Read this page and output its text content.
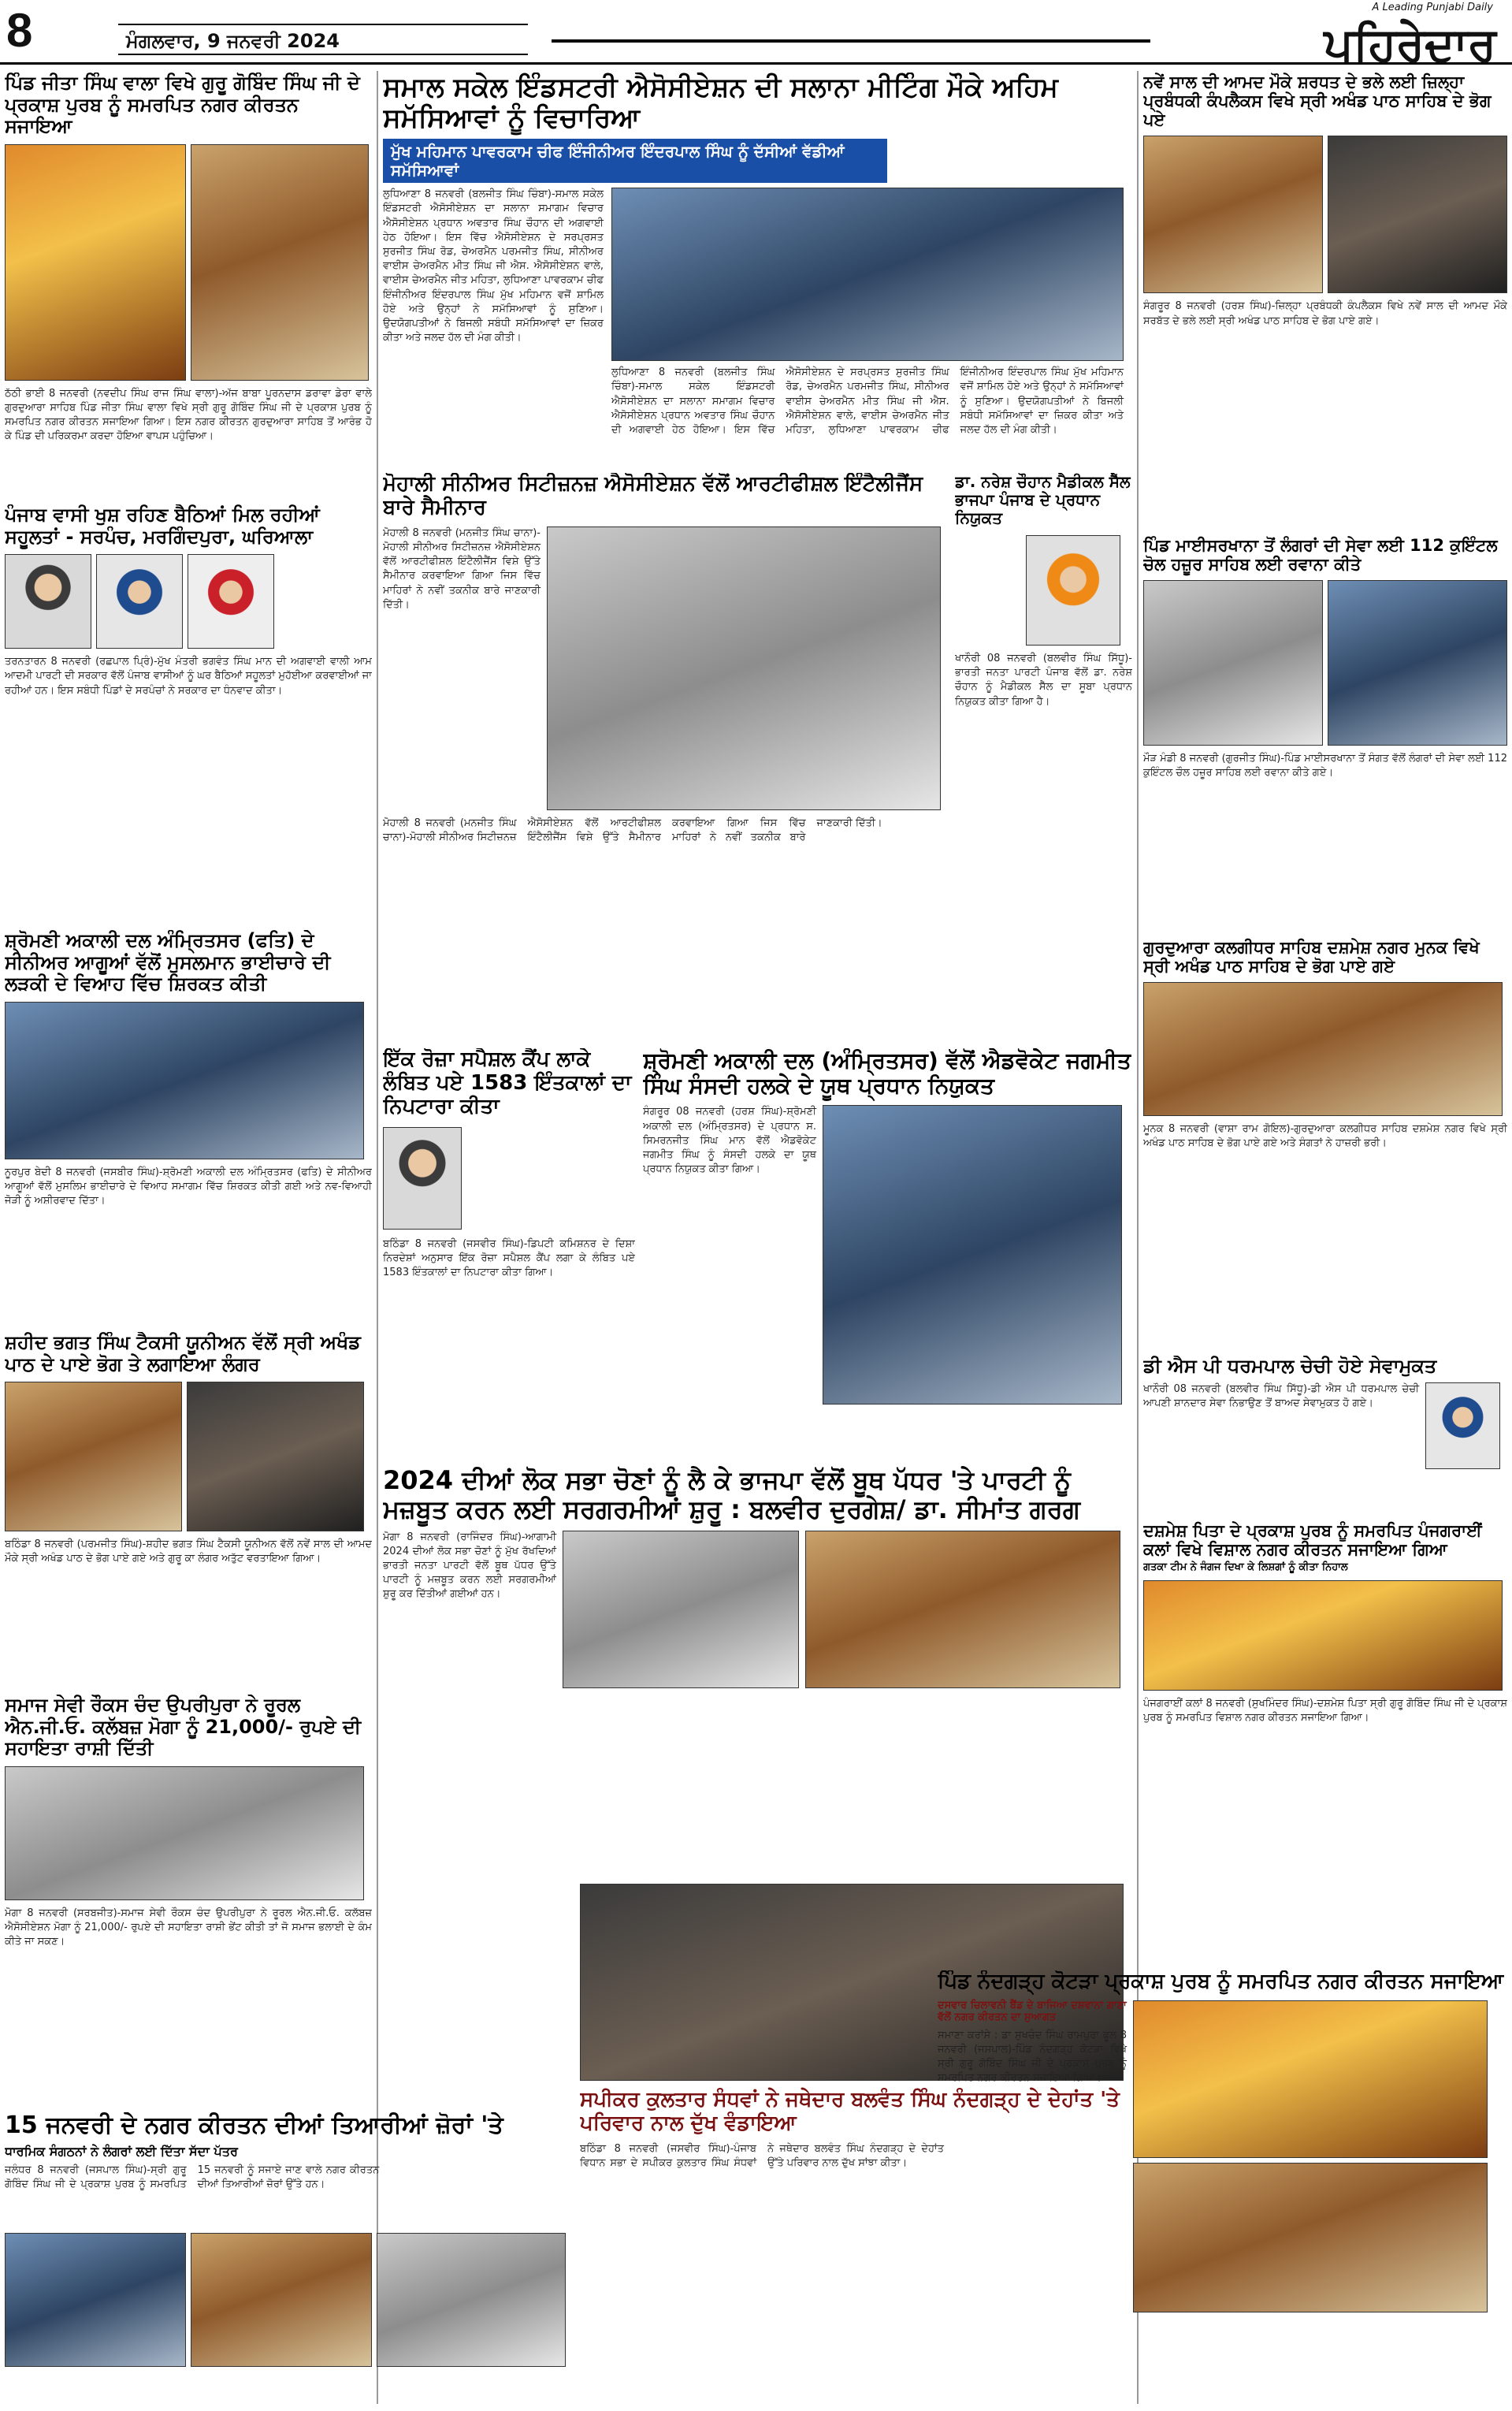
8	ਮੰਗਲਵਾਰ, 9 ਜਨਵਰੀ 2024
A Leading Punjabi Daily
ਪਹਿਰੇਦਾਰ
ਪਿੰਡ ਜੀਤਾ ਸਿੰਘ ਵਾਲਾ ਵਿਖੇ ਗੁਰੂ ਗੋਬਿੰਦ ਸਿੰਘ ਜੀ ਦੇ ਪ੍ਰਕਾਸ਼ ਪੁਰਬ ਨੂੰ ਸਮਰਪਿਤ ਨਗਰ ਕੀਰਤਨ ਸਜਾਇਆ
ਠੱਠੀ ਭਾਈ 8 ਜਨਵਰੀ (ਨਵਦੀਪ ਸਿੰਘ ਰਾਜ ਸਿੰਘ ਵਾਲਾ)-ਅੱਜ ਬਾਬਾ ਪੂਰਨਦਾਸ ਡਰਾਵਾ ਡੇਰਾ ਵਾਲੇ ਗੁਰਦੁਆਰਾ ਸਾਹਿਬ ਪਿੰਡ ਜੀਤਾ ਸਿੰਘ ਵਾਲਾ ਵਿਖੇ ਸ੍ਰੀ ਗੁਰੂ ਗੋਬਿੰਦ ਸਿੰਘ ਜੀ ਦੇ ਪ੍ਰਕਾਸ਼ ਪੁਰਬ ਨੂੰ ਸਮਰਪਿਤ ਨਗਰ ਕੀਰਤਨ ਸਜਾਇਆ ਗਿਆ। ਇਸ ਨਗਰ ਕੀਰਤਨ ਗੁਰਦੁਆਰਾ ਸਾਹਿਬ ਤੋਂ ਆਰੰਭ ਹੋ ਕੇ ਪਿੰਡ ਦੀ ਪਰਿਕਰਮਾ ਕਰਦਾ ਹੋਇਆ ਵਾਪਸ ਪਹੁੰਚਿਆ।
ਪੰਜਾਬ ਵਾਸੀ ਖੁਸ਼ ਰਹਿਣ ਬੈਠਿਆਂ ਮਿਲ ਰਹੀਆਂ ਸਹੂਲਤਾਂ - ਸਰਪੰਚ, ਮਰਗਿੰਦਪੁਰਾ, ਘਰਿਆਲਾ
ਤਰਨਤਾਰਨ 8 ਜਨਵਰੀ (ਰਛਪਾਲ ਪ੍ਰਿੰ)-ਮੁੱਖ ਮੰਤਰੀ ਭਗਵੰਤ ਸਿੰਘ ਮਾਨ ਦੀ ਅਗਵਾਈ ਵਾਲੀ ਆਮ ਆਦਮੀ ਪਾਰਟੀ ਦੀ ਸਰਕਾਰ ਵੱਲੋਂ ਪੰਜਾਬ ਵਾਸੀਆਂ ਨੂੰ ਘਰ ਬੈਠਿਆਂ ਸਹੂਲਤਾਂ ਮੁਹੱਈਆ ਕਰਵਾਈਆਂ ਜਾ ਰਹੀਆਂ ਹਨ। ਇਸ ਸਬੰਧੀ ਪਿੰਡਾਂ ਦੇ ਸਰਪੰਚਾਂ ਨੇ ਸਰਕਾਰ ਦਾ ਧੰਨਵਾਦ ਕੀਤਾ।
ਸ਼੍ਰੋਮਣੀ ਅਕਾਲੀ ਦਲ ਅੰਮ੍ਰਿਤਸਰ (ਫਤਿ) ਦੇ ਸੀਨੀਅਰ ਆਗੂਆਂ ਵੱਲੋਂ ਮੁਸਲਮਾਨ ਭਾਈਚਾਰੇ ਦੀ ਲੜਕੀ ਦੇ ਵਿਆਹ ਵਿੱਚ ਸ਼ਿਰਕਤ ਕੀਤੀ
ਨੂਰਪੁਰ ਬੇਦੀ 8 ਜਨਵਰੀ (ਜਸਬੀਰ ਸਿੰਘ)-ਸ਼੍ਰੋਮਣੀ ਅਕਾਲੀ ਦਲ ਅੰਮ੍ਰਿਤਸਰ (ਫਤਿ) ਦੇ ਸੀਨੀਅਰ ਆਗੂਆਂ ਵੱਲੋਂ ਮੁਸਲਿਮ ਭਾਈਚਾਰੇ ਦੇ ਵਿਆਹ ਸਮਾਗਮ ਵਿੱਚ ਸ਼ਿਰਕਤ ਕੀਤੀ ਗਈ ਅਤੇ ਨਵ-ਵਿਆਹੀ ਜੋੜੀ ਨੂੰ ਅਸ਼ੀਰਵਾਦ ਦਿੱਤਾ।
ਸ਼ਹੀਦ ਭਗਤ ਸਿੰਘ ਟੈਕਸੀ ਯੂਨੀਅਨ ਵੱਲੋਂ ਸ੍ਰੀ ਅਖੰਡ ਪਾਠ ਦੇ ਪਾਏ ਭੋਗ ਤੇ ਲਗਾਇਆ ਲੰਗਰ
ਬਠਿੰਡਾ 8 ਜਨਵਰੀ (ਪਰਮਜੀਤ ਸਿੰਘ)-ਸ਼ਹੀਦ ਭਗਤ ਸਿੰਘ ਟੈਕਸੀ ਯੂਨੀਅਨ ਵੱਲੋਂ ਨਵੇਂ ਸਾਲ ਦੀ ਆਮਦ ਮੌਕੇ ਸ੍ਰੀ ਅਖੰਡ ਪਾਠ ਦੇ ਭੋਗ ਪਾਏ ਗਏ ਅਤੇ ਗੁਰੂ ਕਾ ਲੰਗਰ ਅਤੁੱਟ ਵਰਤਾਇਆ ਗਿਆ।
ਸਮਾਜ ਸੇਵੀ ਰੌਕਸ ਚੰਦ ਉਪਰੀਪੁਰਾ ਨੇ ਰੂਰਲ ਐਨ.ਜੀ.ਓ. ਕਲੱਬਜ਼ ਮੋਗਾ ਨੂੰ 21,000/- ਰੁਪਏ ਦੀ ਸਹਾਇਤਾ ਰਾਸ਼ੀ ਦਿੱਤੀ
ਮੋਗਾ 8 ਜਨਵਰੀ (ਸਰਬਜੀਤ)-ਸਮਾਜ ਸੇਵੀ ਰੌਕਸ ਚੰਦ ਉਪਰੀਪੁਰਾ ਨੇ ਰੂਰਲ ਐਨ.ਜੀ.ਓ. ਕਲੱਬਜ਼ ਐਸੋਸੀਏਸ਼ਨ ਮੋਗਾ ਨੂੰ 21,000/- ਰੁਪਏ ਦੀ ਸਹਾਇਤਾ ਰਾਸ਼ੀ ਭੇਂਟ ਕੀਤੀ ਤਾਂ ਜੋ ਸਮਾਜ ਭਲਾਈ ਦੇ ਕੰਮ ਕੀਤੇ ਜਾ ਸਕਣ।
15 ਜਨਵਰੀ ਦੇ ਨਗਰ ਕੀਰਤਨ ਦੀਆਂ ਤਿਆਰੀਆਂ ਜ਼ੋਰਾਂ 'ਤੇ
ਧਾਰਮਿਕ ਸੰਗਠਨਾਂ ਨੇ ਲੰਗਰਾਂ ਲਈ ਦਿੱਤਾ ਸੱਦਾ ਪੱਤਰ
ਜਲੰਧਰ 8 ਜਨਵਰੀ (ਜਸਪਾਲ ਸਿੰਘ)-ਸ੍ਰੀ ਗੁਰੂ ਗੋਬਿੰਦ ਸਿੰਘ ਜੀ ਦੇ ਪ੍ਰਕਾਸ਼ ਪੁਰਬ ਨੂੰ ਸਮਰਪਿਤ 15 ਜਨਵਰੀ ਨੂੰ ਸਜਾਏ ਜਾਣ ਵਾਲੇ ਨਗਰ ਕੀਰਤਨ ਦੀਆਂ ਤਿਆਰੀਆਂ ਜ਼ੋਰਾਂ ਉੱਤੇ ਹਨ।
ਸਮਾਲ ਸਕੇਲ ਇੰਡਸਟਰੀ ਐਸੋਸੀਏਸ਼ਨ ਦੀ ਸਲਾਨਾ ਮੀਟਿੰਗ ਮੌਕੇ ਅਹਿਮ ਸਮੱਸਿਆਵਾਂ ਨੂੰ ਵਿਚਾਰਿਆ
ਮੁੱਖ ਮਹਿਮਾਨ ਪਾਵਰਕਾਮ ਚੀਫ ਇੰਜੀਨੀਅਰ ਇੰਦਰਪਾਲ ਸਿੰਘ ਨੂੰ ਦੱਸੀਆਂ ਵੱਡੀਆਂ ਸਮੱਸਿਆਵਾਂ
ਲੁਧਿਆਣਾ 8 ਜਨਵਰੀ (ਬਲਜੀਤ ਸਿੰਘ ਚਿੰਬਾ)-ਸਮਾਲ ਸਕੇਲ ਇੰਡਸਟਰੀ ਐਸੋਸੀਏਸ਼ਨ ਦਾ ਸਲਾਨਾ ਸਮਾਗਮ ਵਿਚਾਰ ਐਸੋਸੀਏਸ਼ਨ ਪ੍ਰਧਾਨ ਅਵਤਾਰ ਸਿੰਘ ਚੌਹਾਨ ਦੀ ਅਗਵਾਈ ਹੇਠ ਹੋਇਆ। ਇਸ ਵਿੱਚ ਐਸੋਸੀਏਸ਼ਨ ਦੇ ਸਰਪ੍ਰਸਤ ਸੁਰਜੀਤ ਸਿੰਘ ਰੋਡ, ਚੇਅਰਮੈਨ ਪਰਮਜੀਤ ਸਿੰਘ, ਸੀਨੀਅਰ ਵਾਈਸ ਚੇਅਰਮੈਨ ਮੀਤ ਸਿੰਘ ਜੀ ਐਸ. ਐਸੋਸੀਏਸ਼ਨ ਵਾਲੇ, ਵਾਈਸ ਚੇਅਰਮੈਨ ਜੀਤ ਮਹਿਤਾ, ਲੁਧਿਆਣਾ ਪਾਵਰਕਾਮ ਚੀਫ ਇੰਜੀਨੀਅਰ ਇੰਦਰਪਾਲ ਸਿੰਘ ਮੁੱਖ ਮਹਿਮਾਨ ਵਜੋਂ ਸ਼ਾਮਿਲ ਹੋਏ ਅਤੇ ਉਨ੍ਹਾਂ ਨੇ ਸਮੱਸਿਆਵਾਂ ਨੂੰ ਸੁਣਿਆ। ਉਦਯੋਗਪਤੀਆਂ ਨੇ ਬਿਜਲੀ ਸਬੰਧੀ ਸਮੱਸਿਆਵਾਂ ਦਾ ਜ਼ਿਕਰ ਕੀਤਾ ਅਤੇ ਜਲਦ ਹੱਲ ਦੀ ਮੰਗ ਕੀਤੀ।
ਲੁਧਿਆਣਾ 8 ਜਨਵਰੀ (ਬਲਜੀਤ ਸਿੰਘ ਚਿੰਬਾ)-ਸਮਾਲ ਸਕੇਲ ਇੰਡਸਟਰੀ ਐਸੋਸੀਏਸ਼ਨ ਦਾ ਸਲਾਨਾ ਸਮਾਗਮ ਵਿਚਾਰ ਐਸੋਸੀਏਸ਼ਨ ਪ੍ਰਧਾਨ ਅਵਤਾਰ ਸਿੰਘ ਚੌਹਾਨ ਦੀ ਅਗਵਾਈ ਹੇਠ ਹੋਇਆ। ਇਸ ਵਿੱਚ ਐਸੋਸੀਏਸ਼ਨ ਦੇ ਸਰਪ੍ਰਸਤ ਸੁਰਜੀਤ ਸਿੰਘ ਰੋਡ, ਚੇਅਰਮੈਨ ਪਰਮਜੀਤ ਸਿੰਘ, ਸੀਨੀਅਰ ਵਾਈਸ ਚੇਅਰਮੈਨ ਮੀਤ ਸਿੰਘ ਜੀ ਐਸ. ਐਸੋਸੀਏਸ਼ਨ ਵਾਲੇ, ਵਾਈਸ ਚੇਅਰਮੈਨ ਜੀਤ ਮਹਿਤਾ, ਲੁਧਿਆਣਾ ਪਾਵਰਕਾਮ ਚੀਫ ਇੰਜੀਨੀਅਰ ਇੰਦਰਪਾਲ ਸਿੰਘ ਮੁੱਖ ਮਹਿਮਾਨ ਵਜੋਂ ਸ਼ਾਮਿਲ ਹੋਏ ਅਤੇ ਉਨ੍ਹਾਂ ਨੇ ਸਮੱਸਿਆਵਾਂ ਨੂੰ ਸੁਣਿਆ। ਉਦਯੋਗਪਤੀਆਂ ਨੇ ਬਿਜਲੀ ਸਬੰਧੀ ਸਮੱਸਿਆਵਾਂ ਦਾ ਜ਼ਿਕਰ ਕੀਤਾ ਅਤੇ ਜਲਦ ਹੱਲ ਦੀ ਮੰਗ ਕੀਤੀ।
ਮੋਹਾਲੀ ਸੀਨੀਅਰ ਸਿਟੀਜ਼ਨਜ਼ ਐਸੋਸੀਏਸ਼ਨ ਵੱਲੋਂ ਆਰਟੀਫੀਸ਼ਲ ਇੰਟੈਲੀਜੈਂਸ ਬਾਰੇ ਸੈਮੀਨਾਰ
ਮੋਹਾਲੀ 8 ਜਨਵਰੀ (ਮਨਜੀਤ ਸਿੰਘ ਚਾਨਾ)-ਮੋਹਾਲੀ ਸੀਨੀਅਰ ਸਿਟੀਜ਼ਨਜ਼ ਐਸੋਸੀਏਸ਼ਨ ਵੱਲੋਂ ਆਰਟੀਫੀਸ਼ਲ ਇੰਟੈਲੀਜੈਂਸ ਵਿਸ਼ੇ ਉੱਤੇ ਸੈਮੀਨਾਰ ਕਰਵਾਇਆ ਗਿਆ ਜਿਸ ਵਿੱਚ ਮਾਹਿਰਾਂ ਨੇ ਨਵੀਂ ਤਕਨੀਕ ਬਾਰੇ ਜਾਣਕਾਰੀ ਦਿੱਤੀ।
ਮੋਹਾਲੀ 8 ਜਨਵਰੀ (ਮਨਜੀਤ ਸਿੰਘ ਚਾਨਾ)-ਮੋਹਾਲੀ ਸੀਨੀਅਰ ਸਿਟੀਜ਼ਨਜ਼ ਐਸੋਸੀਏਸ਼ਨ ਵੱਲੋਂ ਆਰਟੀਫੀਸ਼ਲ ਇੰਟੈਲੀਜੈਂਸ ਵਿਸ਼ੇ ਉੱਤੇ ਸੈਮੀਨਾਰ ਕਰਵਾਇਆ ਗਿਆ ਜਿਸ ਵਿੱਚ ਮਾਹਿਰਾਂ ਨੇ ਨਵੀਂ ਤਕਨੀਕ ਬਾਰੇ ਜਾਣਕਾਰੀ ਦਿੱਤੀ।
ਡਾ. ਨਰੇਸ਼ ਚੌਹਾਨ ਮੈਡੀਕਲ ਸੈੱਲ ਭਾਜਪਾ ਪੰਜਾਬ ਦੇ ਪ੍ਰਧਾਨ ਨਿਯੁਕਤ
ਖਾਨੌਰੀ 08 ਜਨਵਰੀ (ਬਲਵੀਰ ਸਿੰਘ ਸਿੱਧੂ)-ਭਾਰਤੀ ਜਨਤਾ ਪਾਰਟੀ ਪੰਜਾਬ ਵੱਲੋਂ ਡਾ. ਨਰੇਸ਼ ਚੌਹਾਨ ਨੂੰ ਮੈਡੀਕਲ ਸੈੱਲ ਦਾ ਸੂਬਾ ਪ੍ਰਧਾਨ ਨਿਯੁਕਤ ਕੀਤਾ ਗਿਆ ਹੈ।
ਇੱਕ ਰੋਜ਼ਾ ਸਪੈਸ਼ਲ ਕੈਂਪ ਲਾਕੇ ਲੰਬਿਤ ਪਏ 1583 ਇੰਤਕਾਲਾਂ ਦਾ ਨਿਪਟਾਰਾ ਕੀਤਾ
ਬਠਿੰਡਾ 8 ਜਨਵਰੀ (ਜਸਵੀਰ ਸਿੰਘ)-ਡਿਪਟੀ ਕਮਿਸ਼ਨਰ ਦੇ ਦਿਸ਼ਾ ਨਿਰਦੇਸ਼ਾਂ ਅਨੁਸਾਰ ਇੱਕ ਰੋਜ਼ਾ ਸਪੈਸ਼ਲ ਕੈਂਪ ਲਗਾ ਕੇ ਲੰਬਿਤ ਪਏ 1583 ਇੰਤਕਾਲਾਂ ਦਾ ਨਿਪਟਾਰਾ ਕੀਤਾ ਗਿਆ।
ਸ਼੍ਰੋਮਣੀ ਅਕਾਲੀ ਦਲ (ਅੰਮ੍ਰਿਤਸਰ) ਵੱਲੋਂ ਐਡਵੋਕੇਟ ਜਗਮੀਤ ਸਿੰਘ ਸੰਸਦੀ ਹਲਕੇ ਦੇ ਯੂਥ ਪ੍ਰਧਾਨ ਨਿਯੁਕਤ
ਸੰਗਰੂਰ 08 ਜਨਵਰੀ (ਹਰਸ਼ ਸਿੰਘ)-ਸ਼੍ਰੋਮਣੀ ਅਕਾਲੀ ਦਲ (ਅੰਮ੍ਰਿਤਸਰ) ਦੇ ਪ੍ਰਧਾਨ ਸ. ਸਿਮਰਨਜੀਤ ਸਿੰਘ ਮਾਨ ਵੱਲੋਂ ਐਡਵੋਕੇਟ ਜਗਮੀਤ ਸਿੰਘ ਨੂੰ ਸੰਸਦੀ ਹਲਕੇ ਦਾ ਯੂਥ ਪ੍ਰਧਾਨ ਨਿਯੁਕਤ ਕੀਤਾ ਗਿਆ।
2024 ਦੀਆਂ ਲੋਕ ਸਭਾ ਚੋਣਾਂ ਨੂੰ ਲੈ ਕੇ ਭਾਜਪਾ ਵੱਲੋਂ ਬੂਥ ਪੱਧਰ 'ਤੇ ਪਾਰਟੀ ਨੂੰ ਮਜ਼ਬੂਤ ਕਰਨ ਲਈ ਸਰਗਰਮੀਆਂ ਸ਼ੁਰੂ : ਬਲਵੀਰ ਦੁਰਗੇਸ਼/ ਡਾ. ਸੀਮਾਂਤ ਗਰਗ
ਮੋਗਾ 8 ਜਨਵਰੀ (ਰਾਜਿੰਦਰ ਸਿੰਘ)-ਆਗਾਮੀ 2024 ਦੀਆਂ ਲੋਕ ਸਭਾ ਚੋਣਾਂ ਨੂੰ ਮੁੱਖ ਰੱਖਦਿਆਂ ਭਾਰਤੀ ਜਨਤਾ ਪਾਰਟੀ ਵੱਲੋਂ ਬੂਥ ਪੱਧਰ ਉੱਤੇ ਪਾਰਟੀ ਨੂੰ ਮਜ਼ਬੂਤ ਕਰਨ ਲਈ ਸਰਗਰਮੀਆਂ ਸ਼ੁਰੂ ਕਰ ਦਿੱਤੀਆਂ ਗਈਆਂ ਹਨ।
ਸਪੀਕਰ ਕੁਲਤਾਰ ਸੰਧਵਾਂ ਨੇ ਜਥੇਦਾਰ ਬਲਵੰਤ ਸਿੰਘ ਨੰਦਗੜ੍ਹ ਦੇ ਦੇਹਾਂਤ 'ਤੇ ਪਰਿਵਾਰ ਨਾਲ ਦੁੱਖ ਵੰਡਾਇਆ
ਬਠਿੰਡਾ 8 ਜਨਵਰੀ (ਜਸਵੀਰ ਸਿੰਘ)-ਪੰਜਾਬ ਵਿਧਾਨ ਸਭਾ ਦੇ ਸਪੀਕਰ ਕੁਲਤਾਰ ਸਿੰਘ ਸੰਧਵਾਂ ਨੇ ਜਥੇਦਾਰ ਬਲਵੰਤ ਸਿੰਘ ਨੰਦਗੜ੍ਹ ਦੇ ਦੇਹਾਂਤ ਉੱਤੇ ਪਰਿਵਾਰ ਨਾਲ ਦੁੱਖ ਸਾਂਝਾ ਕੀਤਾ।
ਨਵੇਂ ਸਾਲ ਦੀ ਆਮਦ ਮੌਕੇ ਸ਼ਰਧਤ ਦੇ ਭਲੇ ਲਈ ਜ਼ਿਲ੍ਹਾ ਪ੍ਰਬੰਧਕੀ ਕੰਪਲੈਕਸ ਵਿਖੇ ਸ੍ਰੀ ਅਖੰਡ ਪਾਠ ਸਾਹਿਬ ਦੇ ਭੋਗ ਪਏ
ਸੰਗਰੂਰ 8 ਜਨਵਰੀ (ਹਰਸ਼ ਸਿੰਘ)-ਜ਼ਿਲ੍ਹਾ ਪ੍ਰਬੰਧਕੀ ਕੰਪਲੈਕਸ ਵਿਖੇ ਨਵੇਂ ਸਾਲ ਦੀ ਆਮਦ ਮੌਕੇ ਸਰਬੱਤ ਦੇ ਭਲੇ ਲਈ ਸ੍ਰੀ ਅਖੰਡ ਪਾਠ ਸਾਹਿਬ ਦੇ ਭੋਗ ਪਾਏ ਗਏ।
ਪਿੰਡ ਮਾਈਸਰਖਾਨਾ ਤੋਂ ਲੰਗਰਾਂ ਦੀ ਸੇਵਾ ਲਈ 112 ਕੁਇੰਟਲ ਚੋਲ ਹਜ਼ੂਰ ਸਾਹਿਬ ਲਈ ਰਵਾਨਾ ਕੀਤੇ
ਮੌੜ ਮੰਡੀ 8 ਜਨਵਰੀ (ਗੁਰਜੀਤ ਸਿੰਘ)-ਪਿੰਡ ਮਾਈਸਰਖਾਨਾ ਤੋਂ ਸੰਗਤ ਵੱਲੋਂ ਲੰਗਰਾਂ ਦੀ ਸੇਵਾ ਲਈ 112 ਕੁਇੰਟਲ ਚੌਲ ਹਜ਼ੂਰ ਸਾਹਿਬ ਲਈ ਰਵਾਨਾ ਕੀਤੇ ਗਏ।
ਗੁਰਦੁਆਰਾ ਕਲਗੀਧਰ ਸਾਹਿਬ ਦਸ਼ਮੇਸ਼ ਨਗਰ ਮੁਨਕ ਵਿਖੇ ਸ੍ਰੀ ਅਖੰਡ ਪਾਠ ਸਾਹਿਬ ਦੇ ਭੋਗ ਪਾਏ ਗਏ
ਮੂਨਕ 8 ਜਨਵਰੀ (ਵਾਸ਼ਾ ਰਾਮ ਗੋਇਲ)-ਗੁਰਦੁਆਰਾ ਕਲਗੀਧਰ ਸਾਹਿਬ ਦਸ਼ਮੇਸ਼ ਨਗਰ ਵਿਖੇ ਸ੍ਰੀ ਅਖੰਡ ਪਾਠ ਸਾਹਿਬ ਦੇ ਭੋਗ ਪਾਏ ਗਏ ਅਤੇ ਸੰਗਤਾਂ ਨੇ ਹਾਜ਼ਰੀ ਭਰੀ।
ਡੀ ਐਸ ਪੀ ਧਰਮਪਾਲ ਚੇਚੀ ਹੋਏ ਸੇਵਾਮੁਕਤ
ਖਾਨੌਰੀ 08 ਜਨਵਰੀ (ਬਲਵੀਰ ਸਿੰਘ ਸਿੱਧੂ)-ਡੀ ਐਸ ਪੀ ਧਰਮਪਾਲ ਚੇਚੀ ਆਪਣੀ ਸ਼ਾਨਦਾਰ ਸੇਵਾ ਨਿਭਾਉਣ ਤੋਂ ਬਾਅਦ ਸੇਵਾਮੁਕਤ ਹੋ ਗਏ।
ਦਸ਼ਮੇਸ਼ ਪਿਤਾ ਦੇ ਪ੍ਰਕਾਸ਼ ਪੁਰਬ ਨੂੰ ਸਮਰਪਿਤ ਪੰਜਗਰਾਈਂ ਕਲਾਂ ਵਿਖੇ ਵਿਸ਼ਾਲ ਨਗਰ ਕੀਰਤਨ ਸਜਾਇਆ ਗਿਆ
ਗਤਕਾ ਟੀਮ ਨੇ ਜੰਗਜ ਦਿਖਾ ਕੇ ਲਿਸ਼ਗਾਂ ਨੂੰ ਕੀਤਾ ਨਿਹਾਲ
ਪੰਜਗਰਾਈਂ ਕਲਾਂ 8 ਜਨਵਰੀ (ਸੁਖਮਿੰਦਰ ਸਿੰਘ)-ਦਸ਼ਮੇਸ਼ ਪਿਤਾ ਸ੍ਰੀ ਗੁਰੂ ਗੋਬਿੰਦ ਸਿੰਘ ਜੀ ਦੇ ਪ੍ਰਕਾਸ਼ ਪੁਰਬ ਨੂੰ ਸਮਰਪਿਤ ਵਿਸ਼ਾਲ ਨਗਰ ਕੀਰਤਨ ਸਜਾਇਆ ਗਿਆ।
ਪਿੰਡ ਨੰਦਗੜ੍ਹ ਕੋਟੜਾ ਪ੍ਰਕਾਸ਼ ਪੁਰਬ ਨੂੰ ਸਮਰਪਿਤ ਨਗਰ ਕੀਰਤਨ ਸਜਾਇਆ
ਦਸਵਾਰ ਚਿਲਾਵਨੀ ਬੈਂਡ ਦੇ ਬਾਜਿਆ ਦਸ਼ਵਾਨਾ ਗਾਣਾ ਵੱਲੋਂ ਨਗਰ ਕੀਰਤਨ ਦਾ ਸੁਆਗਤ
ਸਮਾਣਾ ਕਰਾਂਸੇ : ਡਾ ਸੁਖਚੰਦ ਸਿੰਘ ਰਾਮਪੁਰਾ ਫੂਲ 8 ਜਨਵਰੀ (ਜਸਪਾਲ)-ਪਿੰਡ ਨੰਦਗੜ੍ਹ ਕੋਟੜਾ ਵਿਖੇ ਸ੍ਰੀ ਗੁਰੂ ਗੋਬਿੰਦ ਸਿੰਘ ਜੀ ਦੇ ਪ੍ਰਕਾਸ਼ ਪੁਰਬ ਨੂੰ ਸਮਰਪਿਤ ਨਗਰ ਕੀਰਤਨ ਸਜਾਇਆ ਗਿਆ।
